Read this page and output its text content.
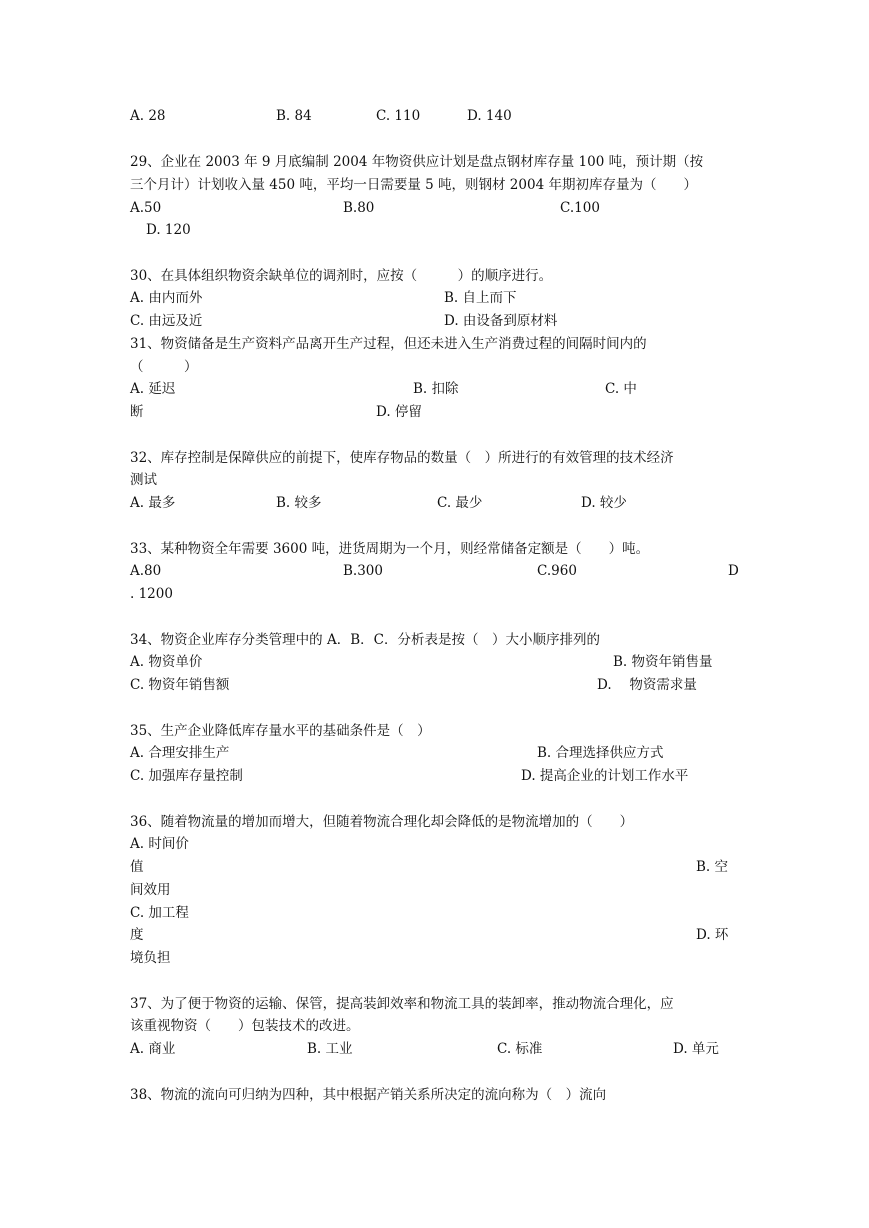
A. 28	B. 84	C. 110	D. 140
29、企业在 2003 年 9 月底编制 2004 年物资供应计划是盘点钢材库存量 100 吨，预计期（按
三个月计）计划收入量 450 吨，平均一日需要量 5 吨，则钢材 2004 年期初库存量为（　　）
A.50	B.80	C.100
D. 120
30、在具体组织物资余缺单位的调剂时，应按（　　　）的顺序进行。
A. 由内而外	B. 自上而下
C. 由远及近	D. 由设备到原材料
31、物资储备是生产资料产品离开生产过程，但还未进入生产消费过程的间隔时间内的
（　　　）
A. 延迟	B. 扣除	C. 中
断	D. 停留
32、库存控制是保障供应的前提下，使库存物品的数量（　）所进行的有效管理的技术经济
测试
A. 最多	B. 较多	C. 最少	D. 较少
33、某种物资全年需要 3600 吨，进货周期为一个月，则经常储备定额是（　　）吨。
A.80	B.300	C.960	D
. 1200
34、物资企业库存分类管理中的 A．B．C．分析表是按（　）大小顺序排列的
A. 物资单价	B. 物资年销售量
C. 物资年销售额	D.　 物资需求量
35、生产企业降低库存量水平的基础条件是（　）
A. 合理安排生产	B. 合理选择供应方式
C. 加强库存量控制	D. 提高企业的计划工作水平
36、随着物流量的增加而增大，但随着物流合理化却会降低的是物流增加的（　　）
A. 时间价
值	B. 空
间效用
C. 加工程
度	D. 环
境负担
37、为了便于物资的运输、保管，提高装卸效率和物流工具的装卸率，推动物流合理化，应
该重视物资（　　）包装技术的改进。
A. 商业	B. 工业	C. 标准	D. 单元
38、物流的流向可归纳为四种，其中根据产销关系所决定的流向称为（　）流向
